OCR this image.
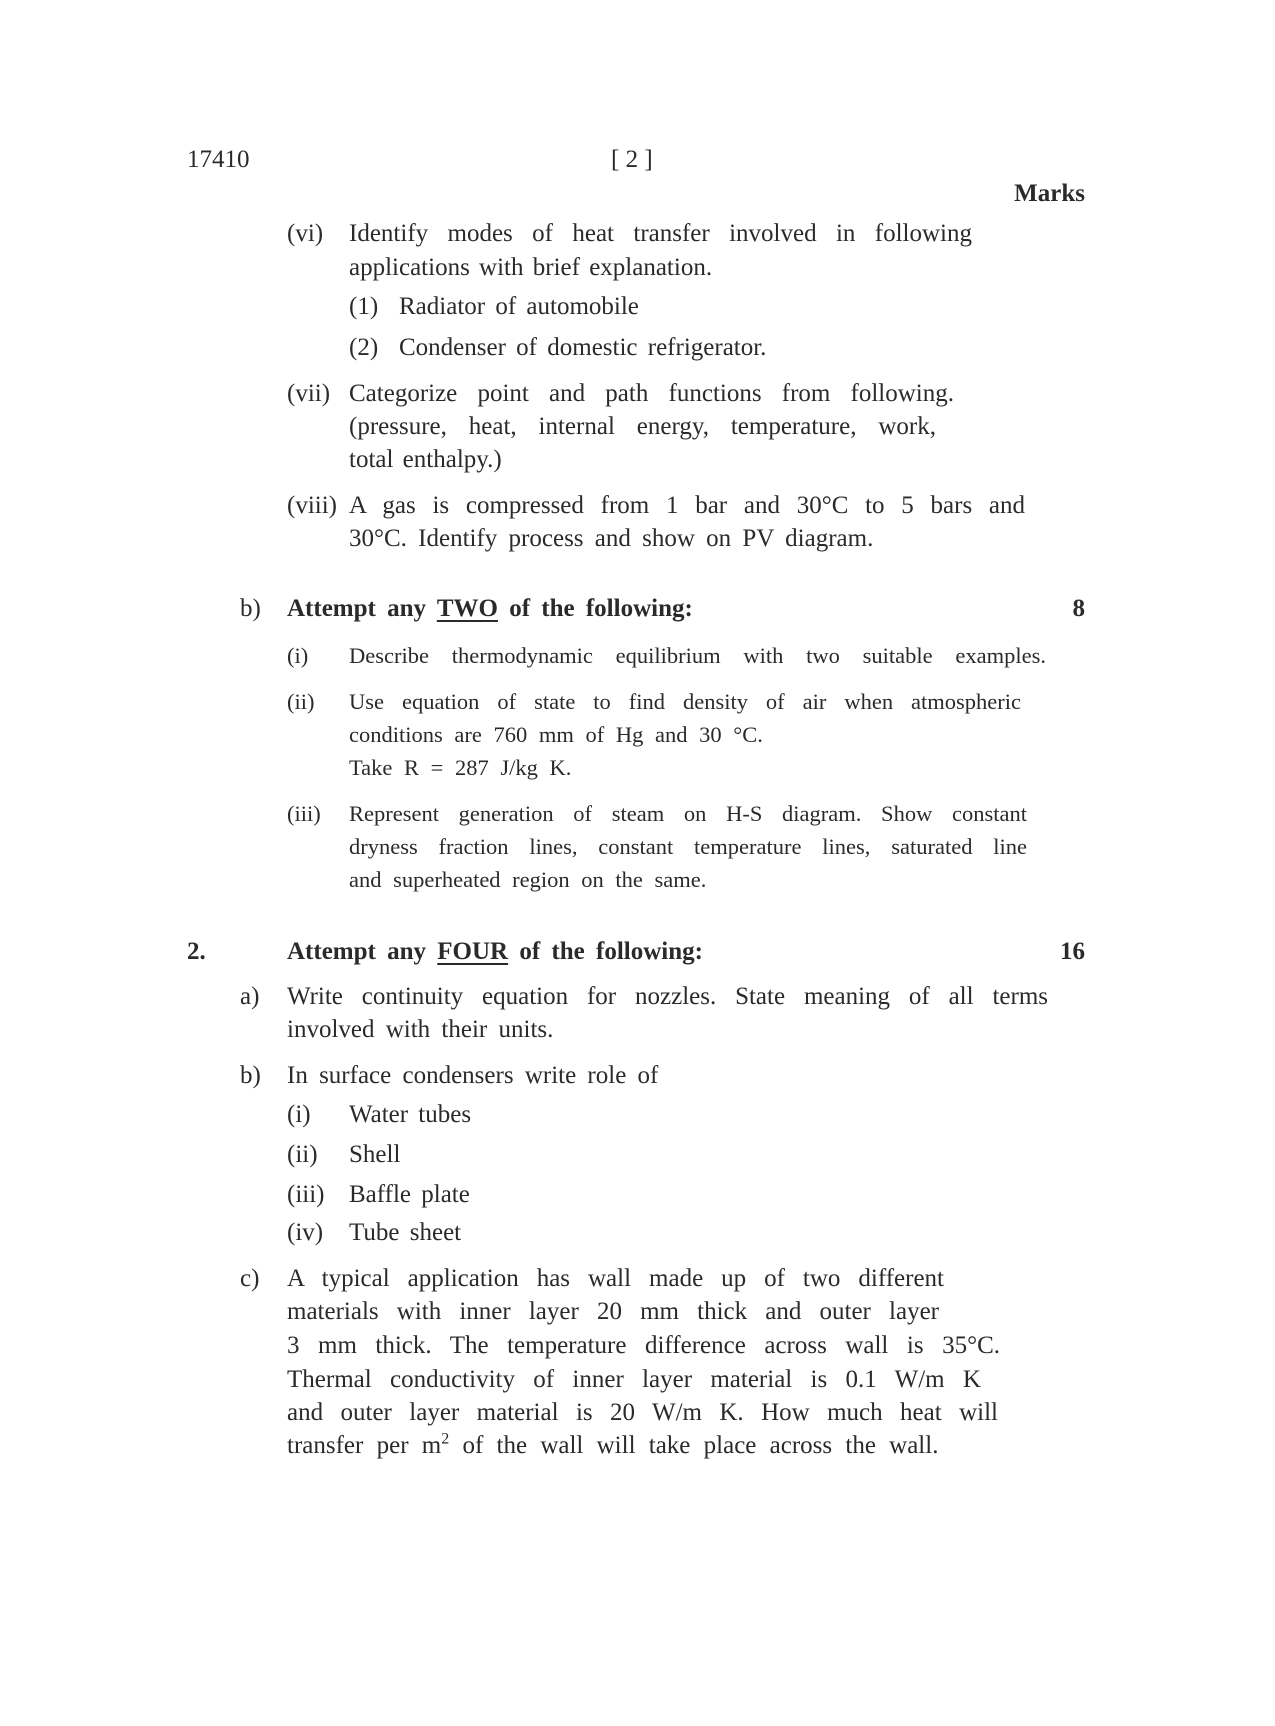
17410	[ 2 ]
Marks
(vi) Identify modes of heat transfer involved in following
applications with brief explanation.
(1) Radiator of automobile
(2) Condenser of domestic refrigerator.
(vii) Categorize point and path functions from following.
(pressure, heat, internal energy, temperature, work,
total enthalpy.)
(viii) A gas is compressed from 1 bar and 30°C to 5 bars and
30°C. Identify process and show on PV diagram.
b) Attempt any TWO of the following:	8
(i) Describe thermodynamic equilibrium with two suitable examples.
(ii) Use equation of state to find density of air when atmospheric
conditions are 760 mm of Hg and 30 °C.
Take R = 287 J/kg K.
(iii) Represent generation of steam on H-S diagram. Show constant
dryness fraction lines, constant temperature lines, saturated line
and superheated region on the same.
2.	Attempt any FOUR of the following:	16
a) Write continuity equation for nozzles. State meaning of all terms
involved with their units.
b) In surface condensers write role of
(i) Water tubes
(ii) Shell
(iii) Baffle plate
(iv) Tube sheet
c) A typical application has wall made up of two different
materials with inner layer 20 mm thick and outer layer
3 mm thick. The temperature difference across wall is 35°C.
Thermal conductivity of inner layer material is 0.1 W/m K
and outer layer material is 20 W/m K. How much heat will
transfer per $m^2$ of the wall will take place across the wall.
